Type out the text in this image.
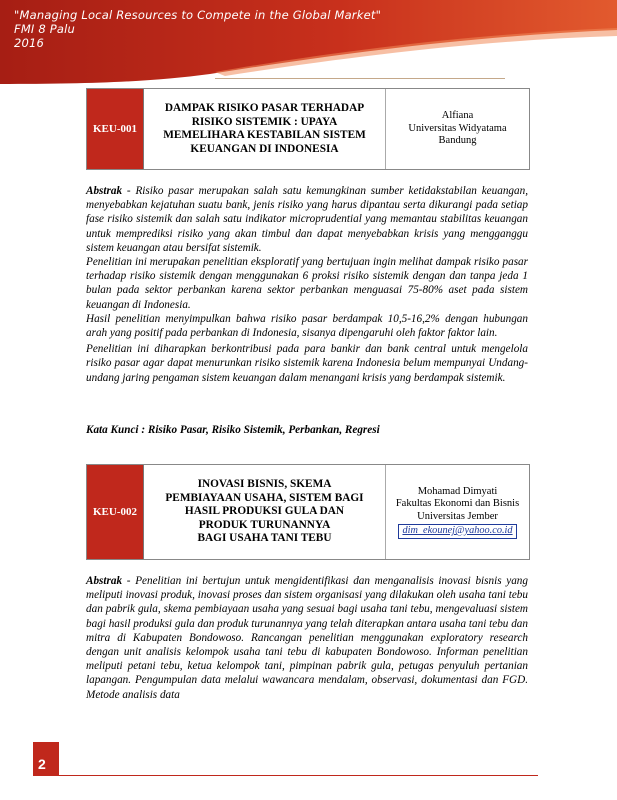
"Managing Local Resources to Compete in the Global Market"
FMI 8 Palu
2016
KEU-001
DAMPAK RISIKO PASAR TERHADAP
RISIKO SISTEMIK : UPAYA
MEMELIHARA KESTABILAN SISTEM
KEUANGAN DI INDONESIA
Alfiana
Universitas Widyatama
Bandung

Abstrak - Risiko pasar merupakan salah satu kemungkinan sumber ketidakstabilan keuangan, menyebabkan kejatuhan suatu bank, jenis risiko yang harus dipantau serta dikurangi pada setiap fase risiko sistemik dan salah satu indikator microprudential yang memantau stabilitas keuangan untuk memprediksi risiko yang akan timbul dan dapat menyebabkan krisis yang mengganggu sistem keuangan atau bersifat sistemik.

Penelitian ini merupakan penelitian eksploratif yang bertujuan ingin melihat dampak risiko pasar terhadap risiko sistemik dengan menggunakan 6 proksi risiko sistemik dengan dan tanpa jeda 1 bulan pada sektor perbankan karena sektor perbankan menguasai 75-80% aset pada sistem keuangan di Indonesia.

Hasil penelitian menyimpulkan bahwa risiko pasar berdampak 10,5-16,2% dengan hubungan arah yang positif pada perbankan di Indonesia, sisanya dipengaruhi oleh faktor faktor lain.

Penelitian ini diharapkan berkontribusi pada para bankir dan bank central untuk mengelola risiko pasar agar dapat menurunkan risiko sistemik karena Indonesia belum mempunyai Undang-undang jaring pengaman sistem keuangan dalam menangani krisis yang berdampak sistemik.

Kata Kunci : Risiko Pasar, Risiko Sistemik, Perbankan, Regresi
KEU-002
INOVASI BISNIS, SKEMA
PEMBIAYAAN USAHA, SISTEM BAGI
HASIL PRODUKSI GULA DAN
PRODUK TURUNANNYA
BAGI USAHA TANI TEBU
Mohamad Dimyati
Fakultas Ekonomi dan Bisnis
Universitas Jember
dim_ekounej@yahoo.co.id

Abstrak - Penelitian ini bertujun untuk mengidentifikasi dan menganalisis inovasi bisnis yang meliputi inovasi produk, inovasi proses dan sistem organisasi yang dilakukan oleh usaha tani tebu dan pabrik gula, skema pembiayaan usaha yang sesuai bagi usaha tani tebu, mengevaluasi sistem bagi hasil produksi gula dan produk turunannya yang telah diterapkan antara usaha tani tebu dan mitra di Kabupaten Bondowoso. Rancangan penelitian menggunakan exploratory research dengan unit analisis kelompok usaha tani tebu di kabupaten Bondowoso. Informan penelitian meliputi petani tebu, ketua kelompok tani, pimpinan pabrik gula, petugas penyuluh pertanian lapangan. Pengumpulan data melalui wawancara mendalam, observasi, dokumentasi dan FGD. Metode analisis data

2
